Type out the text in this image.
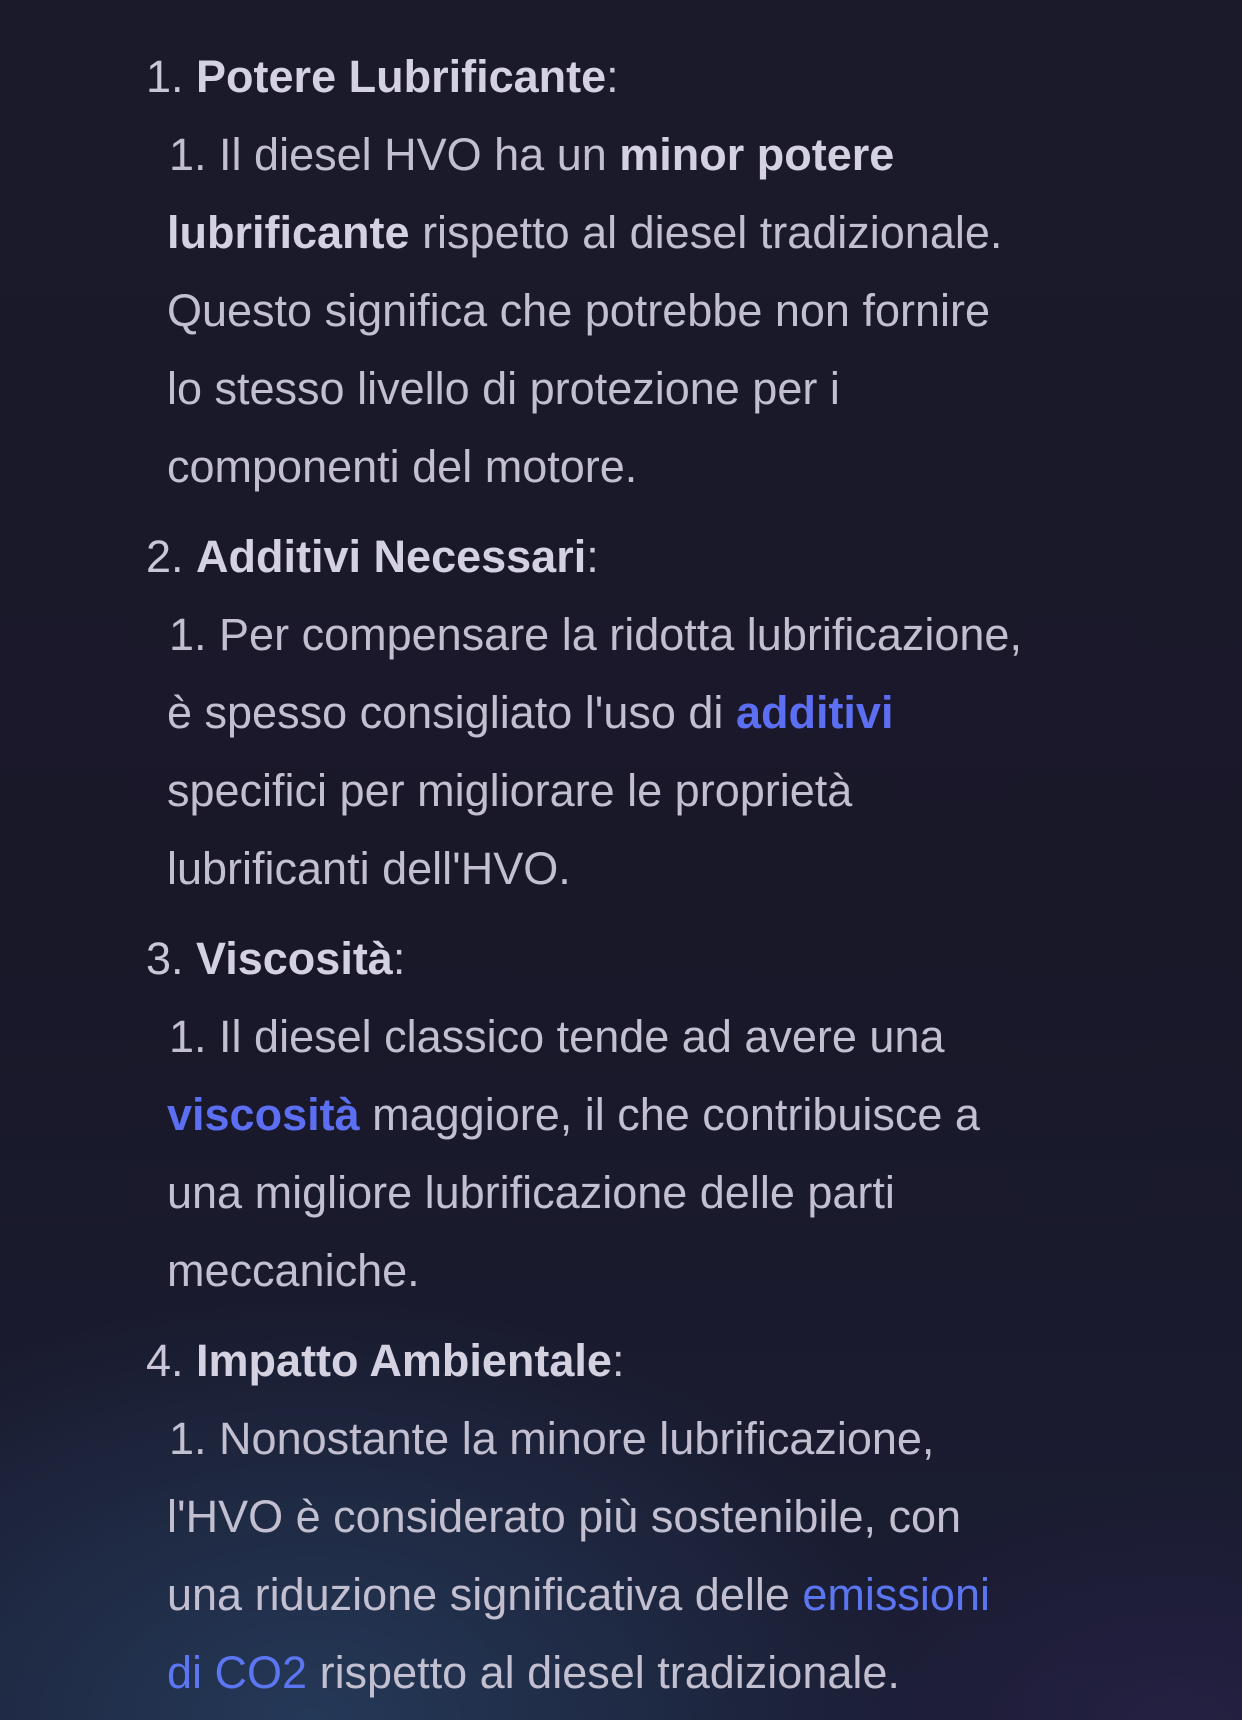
1. Potere Lubrificante:
1. Il diesel HVO ha un minor potere
lubrificante rispetto al diesel tradizionale.
Questo significa che potrebbe non fornire
lo stesso livello di protezione per i
componenti del motore.
2. Additivi Necessari:
1. Per compensare la ridotta lubrificazione,
è spesso consigliato l'uso di additivi
specifici per migliorare le proprietà
lubrificanti dell'HVO.
3. Viscosità:
1. Il diesel classico tende ad avere una
viscosità maggiore, il che contribuisce a
una migliore lubrificazione delle parti
meccaniche.
4. Impatto Ambientale:
1. Nonostante la minore lubrificazione,
l'HVO è considerato più sostenibile, con
una riduzione significativa delle emissioni
di CO2 rispetto al diesel tradizionale.
